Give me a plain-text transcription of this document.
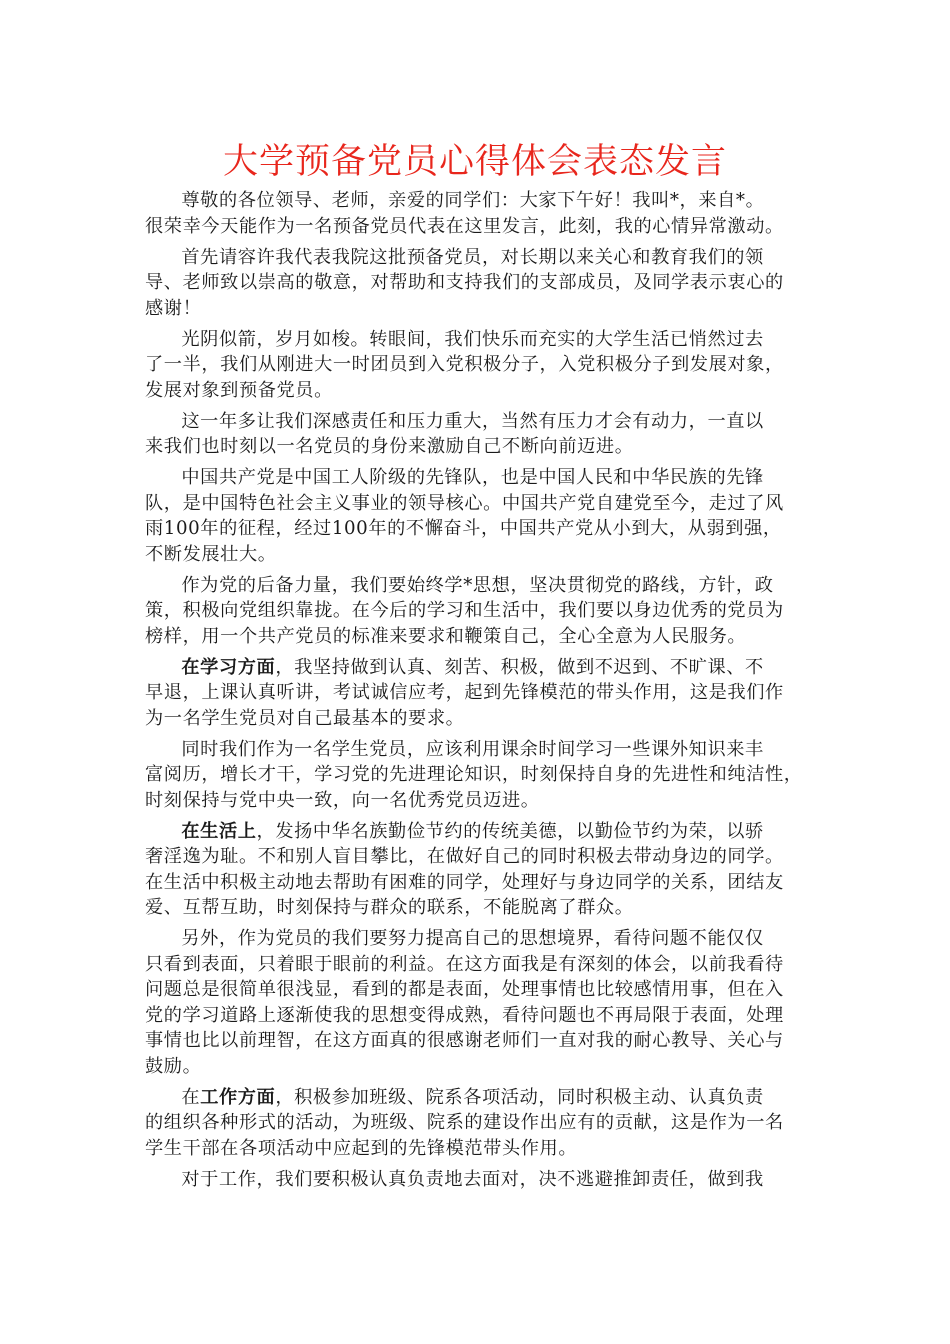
大学预备党员心得体会表态发言

尊敬的各位领导、老师，亲爱的同学们：大家下午好！我叫*，来自*。
很荣幸今天能作为一名预备党员代表在这里发言，此刻，我的心情异常激动。

首先请容许我代表我院这批预备党员，对长期以来关心和教育我们的领
导、老师致以崇高的敬意，对帮助和支持我们的支部成员，及同学表示衷心的
感谢！

光阴似箭，岁月如梭。转眼间，我们快乐而充实的大学生活已悄然过去
了一半，我们从刚进大一时团员到入党积极分子，入党积极分子到发展对象，
发展对象到预备党员。

这一年多让我们深感责任和压力重大，当然有压力才会有动力，一直以
来我们也时刻以一名党员的身份来激励自己不断向前迈进。

中国共产党是中国工人阶级的先锋队，也是中国人民和中华民族的先锋
队，是中国特色社会主义事业的领导核心。中国共产党自建党至今，走过了风
雨100年的征程，经过100年的不懈奋斗，中国共产党从小到大，从弱到强，
不断发展壮大。

作为党的后备力量，我们要始终学*思想，坚决贯彻党的路线，方针，政
策，积极向党组织靠拢。在今后的学习和生活中，我们要以身边优秀的党员为
榜样，用一个共产党员的标准来要求和鞭策自己，全心全意为人民服务。

在学习方面，我坚持做到认真、刻苦、积极，做到不迟到、不旷课、不
早退，上课认真听讲，考试诚信应考，起到先锋模范的带头作用，这是我们作
为一名学生党员对自己最基本的要求。

同时我们作为一名学生党员，应该利用课余时间学习一些课外知识来丰
富阅历，增长才干，学习党的先进理论知识，时刻保持自身的先进性和纯洁性，
时刻保持与党中央一致，向一名优秀党员迈进。

在生活上，发扬中华名族勤俭节约的传统美德，以勤俭节约为荣，以骄
奢淫逸为耻。不和别人盲目攀比，在做好自己的同时积极去带动身边的同学。
在生活中积极主动地去帮助有困难的同学，处理好与身边同学的关系，团结友
爱、互帮互助，时刻保持与群众的联系，不能脱离了群众。

另外，作为党员的我们要努力提高自己的思想境界，看待问题不能仅仅
只看到表面，只着眼于眼前的利益。在这方面我是有深刻的体会，以前我看待
问题总是很简单很浅显，看到的都是表面，处理事情也比较感情用事，但在入
党的学习道路上逐渐使我的思想变得成熟，看待问题也不再局限于表面，处理
事情也比以前理智，在这方面真的很感谢老师们一直对我的耐心教导、关心与
鼓励。

在工作方面，积极参加班级、院系各项活动，同时积极主动、认真负责
的组织各种形式的活动，为班级、院系的建设作出应有的贡献，这是作为一名
学生干部在各项活动中应起到的先锋模范带头作用。

对于工作，我们要积极认真负责地去面对，决不逃避推卸责任，做到我
